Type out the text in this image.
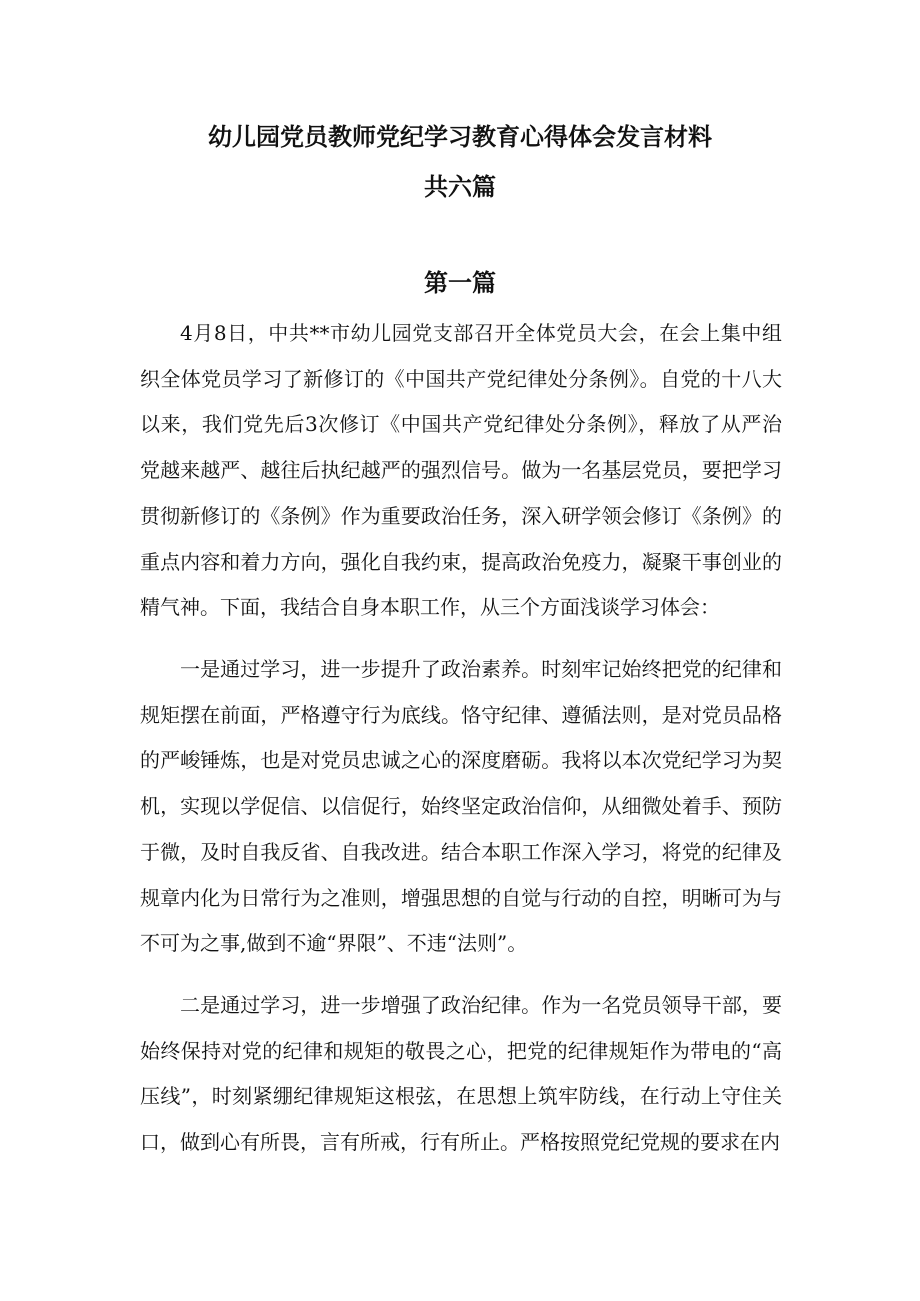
幼儿园党员教师党纪学习教育心得体会发言材料
共六篇
第一篇

4月8日，中共**市幼儿园党支部召开全体党员大会，在会上集中组织全体党员学习了新修订的《中国共产党纪律处分条例》。自党的十八大以来，我们党先后3次修订《中国共产党纪律处分条例》，释放了从严治党越来越严、越往后执纪越严的强烈信号。做为一名基层党员，要把学习贯彻新修订的《条例》作为重要政治任务，深入研学领会修订《条例》的重点内容和着力方向，强化自我约束，提高政治免疫力，凝聚干事创业的精气神。下面，我结合自身本职工作，从三个方面浅谈学习体会：

一是通过学习，进一步提升了政治素养。时刻牢记始终把党的纪律和规矩摆在前面，严格遵守行为底线。恪守纪律、遵循法则，是对党员品格的严峻锤炼，也是对党员忠诚之心的深度磨砺。我将以本次党纪学习为契机，实现以学促信、以信促行，始终坚定政治信仰，从细微处着手、预防于微，及时自我反省、自我改进。结合本职工作深入学习，将党的纪律及规章内化为日常行为之准则，增强思想的自觉与行动的自控，明晰可为与不可为之事,做到不逾“界限”、不违“法则”。

二是通过学习，进一步增强了政治纪律。作为一名党员领导干部，要始终保持对党的纪律和规矩的敬畏之心，把党的纪律规矩作为带电的“高压线”，时刻紧绷纪律规矩这根弦，在思想上筑牢防线，在行动上守住关口，做到心有所畏，言有所戒，行有所止。严格按照党纪党规的要求在内
